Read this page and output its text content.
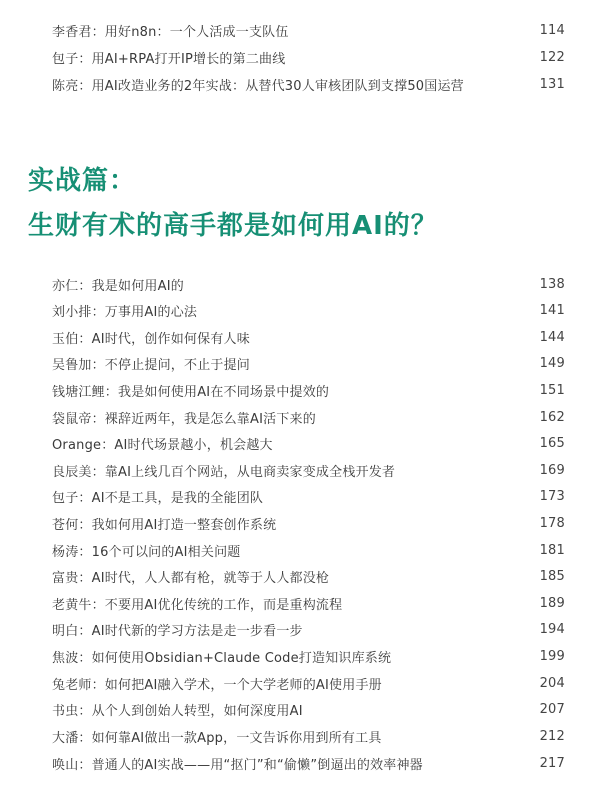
李香君：用好n8n：一个人活成一支队伍	114
包子：用AI+RPA打开IP增长的第二曲线	122
陈亮：用AI改造业务的2年实战：从替代30人审核团队到支撑50国运营	131
实战篇：
生财有术的高手都是如何用AI的？
亦仁：我是如何用AI的	138
刘小排：万事用AI的心法	141
玉伯：AI时代，创作如何保有人味	144
吴鲁加：不停止提问，不止于提问	149
钱塘江鲤：我是如何使用AI在不同场景中提效的	151
袋鼠帝：裸辞近两年，我是怎么靠AI活下来的	162
Orange：AI时代场景越小，机会越大	165
良辰美：靠AI上线几百个网站，从电商卖家变成全栈开发者	169
包子：AI不是工具，是我的全能团队	173
苍何：我如何用AI打造一整套创作系统	178
杨涛：16个可以问的AI相关问题	181
富贵：AI时代，人人都有枪，就等于人人都没枪	185
老黄牛：不要用AI优化传统的工作，而是重构流程	189
明白：AI时代新的学习方法是走一步看一步	194
焦波：如何使用Obsidian+Claude Code打造知识库系统	199
兔老师：如何把AI融入学术，一个大学老师的AI使用手册	204
书虫：从个人到创始人转型，如何深度用AI	207
大潘：如何靠AI做出一款App，一文告诉你用到所有工具	212
唤山：普通人的AI实战——用“抠门”和“偷懒”倒逼出的效率神器	217
